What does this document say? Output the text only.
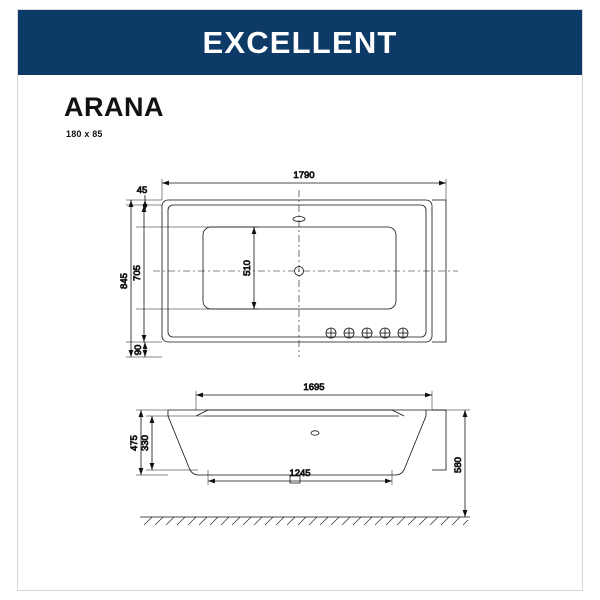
EXCELLENT
ARANA
180 x 85
1790
45
845
705	510
90
1695
475 330
1245
580
